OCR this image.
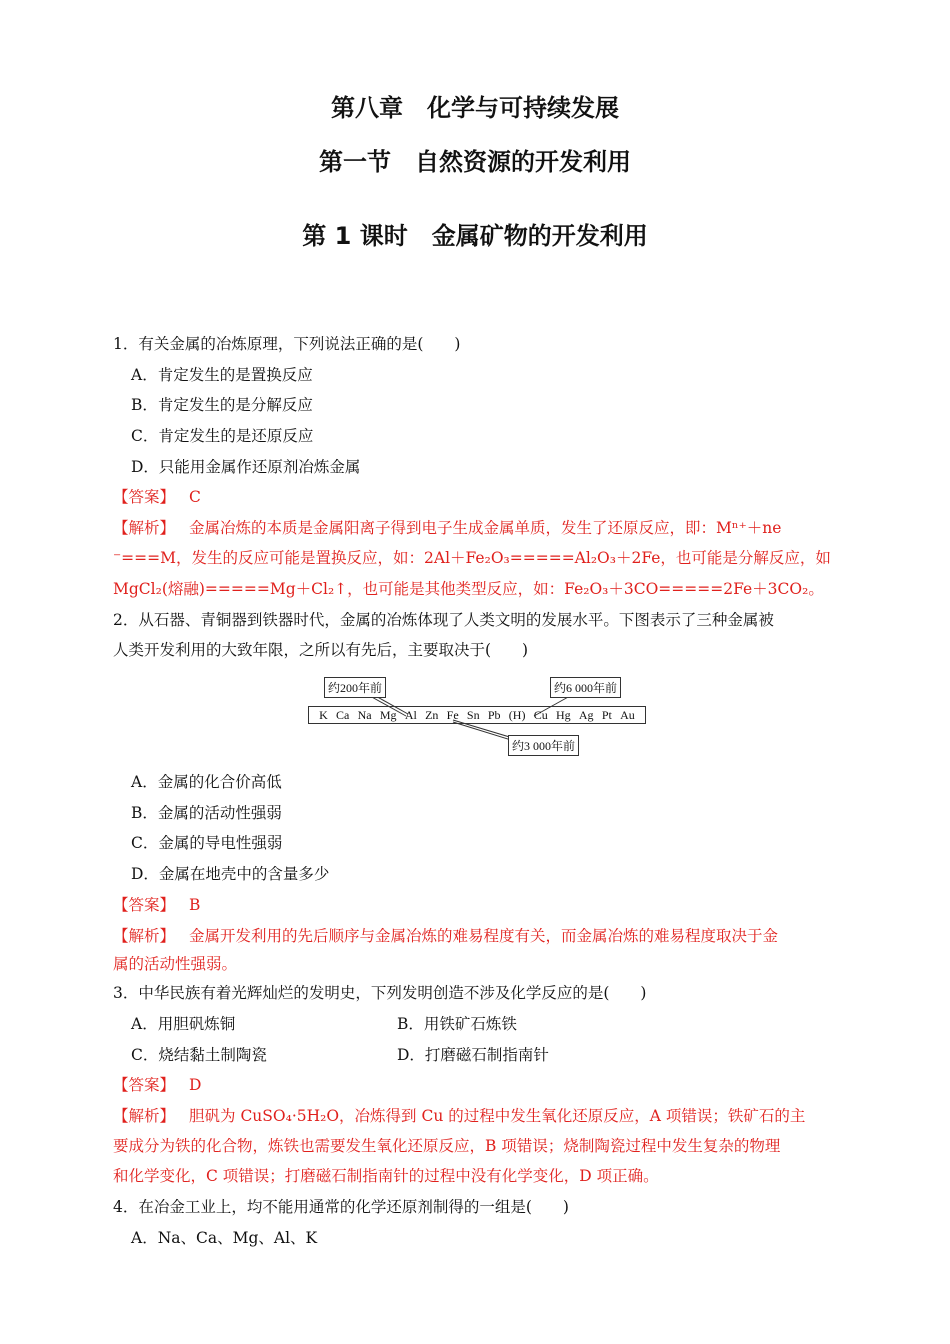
第八章　化学与可持续发展
第一节　自然资源的开发利用
第 1 课时　金属矿物的开发利用
1．有关金属的冶炼原理，下列说法正确的是(　　)
A．肯定发生的是置换反应
B．肯定发生的是分解反应
C．肯定发生的是还原反应
D．只能用金属作还原剂冶炼金属
【答案】 C
【解析】 金属冶炼的本质是金属阳离子得到电子生成金属单质，发生了还原反应，即：Mⁿ⁺＋ne
⁻===M，发生的反应可能是置换反应，如：2Al＋Fe₂O₃=====Al₂O₃＋2Fe，也可能是分解反应，如
MgCl₂(熔融)=====Mg＋Cl₂↑，也可能是其他类型反应，如：Fe₂O₃＋3CO=====2Fe＋3CO₂。
2．从石器、青铜器到铁器时代，金属的冶炼体现了人类文明的发展水平。下图表示了三种金属被
人类开发利用的大致年限，之所以有先后，主要取决于(　　)
K Ca Na Mg Al Zn Fe Sn Pb (H) Cu Hg Ag Pt Au
约200年前	约6 000年前
约3 000年前
A．金属的化合价高低
B．金属的活动性强弱
C．金属的导电性强弱
D．金属在地壳中的含量多少
【答案】 B
【解析】 金属开发利用的先后顺序与金属冶炼的难易程度有关，而金属冶炼的难易程度取决于金
属的活动性强弱。
3．中华民族有着光辉灿烂的发明史，下列发明创造不涉及化学反应的是(　　)
A．用胆矾炼铜	B．用铁矿石炼铁
C．烧结黏土制陶瓷	D．打磨磁石制指南针
【答案】 D
【解析】 胆矾为 CuSO₄·5H₂O，冶炼得到 Cu 的过程中发生氧化还原反应，A 项错误；铁矿石的主
要成分为铁的化合物，炼铁也需要发生氧化还原反应，B 项错误；烧制陶瓷过程中发生复杂的物理
和化学变化，C 项错误；打磨磁石制指南针的过程中没有化学变化，D 项正确。
4．在冶金工业上，均不能用通常的化学还原剂制得的一组是(　　)
A．Na、Ca、Mg、Al、K
